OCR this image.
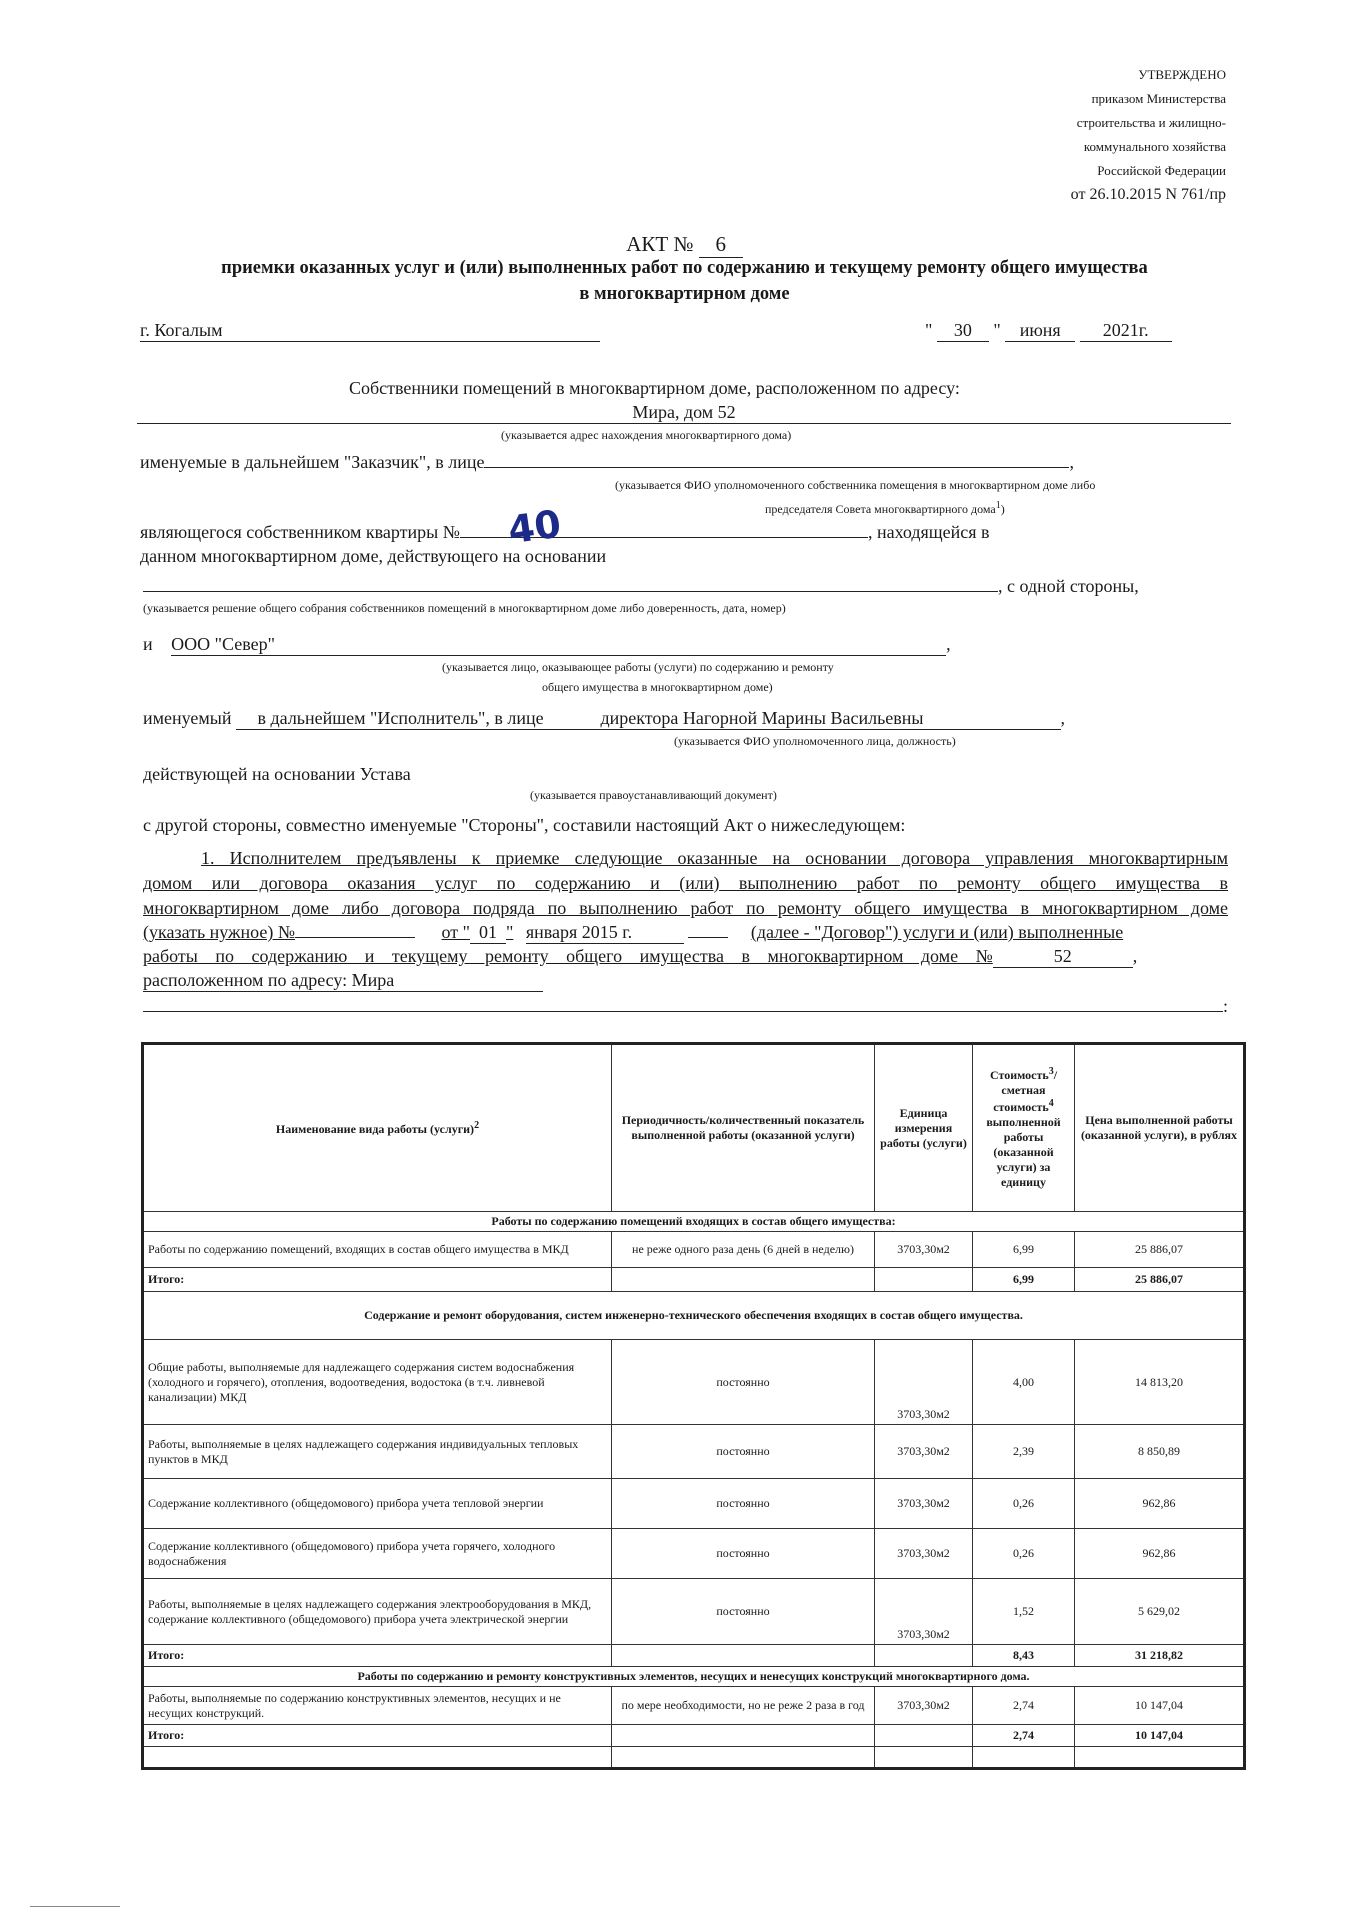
УТВЕРЖДЕНО
приказом Министерства
строительства и жилищно-
коммунального хозяйства
Российской Федерации
от 26.10.2015 N 761/пр
АКТ № 6
приемки оказанных услуг и (или) выполненных работ по содержанию и текущему ремонту общего имущества
в многоквартирном доме
г. Когалым	" 30 " июня 2021г.
Собственники помещений в многоквартирном доме, расположенном по адресу:
Мира, дом 52
(указывается адрес нахождения многоквартирного дома)
именуемые в дальнейшем "Заказчик", в лице	,
(указывается ФИО уполномоченного собственника помещения в многоквартирном доме либо
председателя Совета многоквартирного дома$^1$)
являющегося собственником квартиры №	, находящейся в
40
данном многоквартирном доме, действующего на основании
, с одной стороны,
(указывается решение общего собрания собственников помещений в многоквартирном доме либо доверенность, дата, номер)
и ООО "Север"	,
(указывается лицо, оказывающее работы (услуги) по содержанию и ремонту
общего имущества в многоквартирном доме)
именуемый в дальнейшем "Исполнитель", в лице	директора Нагорной Марины Васильевны	,
(указывается ФИО уполномоченного лица, должность)
действующей на основании Устава
(указывается правоустанавливающий документ)
с другой стороны, совместно именуемые "Стороны", составили настоящий Акт о нижеследующем:
1. Исполнителем предъявлены к приемке следующие оказанные на основании договора управления многоквартирным
домом или договора оказания услуг по содержанию и (или) выполнению работ по ремонту общего имущества в
многоквартирном доме либо договора подряда по выполнению работ по ремонту общего имущества в многоквартирном доме
(указать нужное) №	от " 01 " января 2015 г.	(далее - "Договор") услуги и (или) выполненные
работы по содержанию и текущему ремонту общего имущества в многоквартирном доме №	52	,
расположенном по адресу: Мира
:
Наименование вида работы (услуги)$^2$	Периодичность/количественный показатель выполненной работы (оказанной услуги)	Единица измерения работы (услуги)	Стоимость$^3$/сметная стоимость$^4$ выполненной работы (оказанной услуги) за единицу	Цена выполненной работы (оказанной услуги), в рублях
Работы по содержанию помещений входящих в состав общего имущества:				
Работы по содержанию помещений, входящих в состав общего имущества в МКД	не реже одного раза день (6 дней в неделю)	3703,30м2	6,99	25 886,07
Итого:			6,99	25 886,07
Содержание и ремонт оборудования, систем инженерно-технического обеспечения входящих в состав общего имущества.				
Общие работы, выполняемые для надлежащего содержания систем водоснабжения (холодного и горячего), отопления, водоотведения, водостока (в т.ч. ливневой канализации) МКД	постоянно	3703,30м2	4,00	14 813,20
Работы, выполняемые в целях надлежащего содержания индивидуальных тепловых пунктов в МКД	постоянно	3703,30м2	2,39	8 850,89
Содержание коллективного (общедомового) прибора учета тепловой энергии	постоянно	3703,30м2	0,26	962,86
Содержание коллективного (общедомового) прибора учета горячего, холодного водоснабжения	постоянно	3703,30м2	0,26	962,86
Работы, выполняемые в целях надлежащего содержания электрооборудования в МКД, содержание коллективного (общедомового) прибора учета электрической энергии	постоянно	3703,30м2	1,52	5 629,02
Итого:			8,43	31 218,82
Работы по содержанию и ремонту конструктивных элементов, несущих и ненесущих конструкций многоквартирного дома.				
Работы, выполняемые по содержанию конструктивных элементов, несущих и не несущих конструкций.	по мере необходимости, но не реже 2 раза в год	3703,30м2	2,74	10 147,04
Итого:			2,74	10 147,04
